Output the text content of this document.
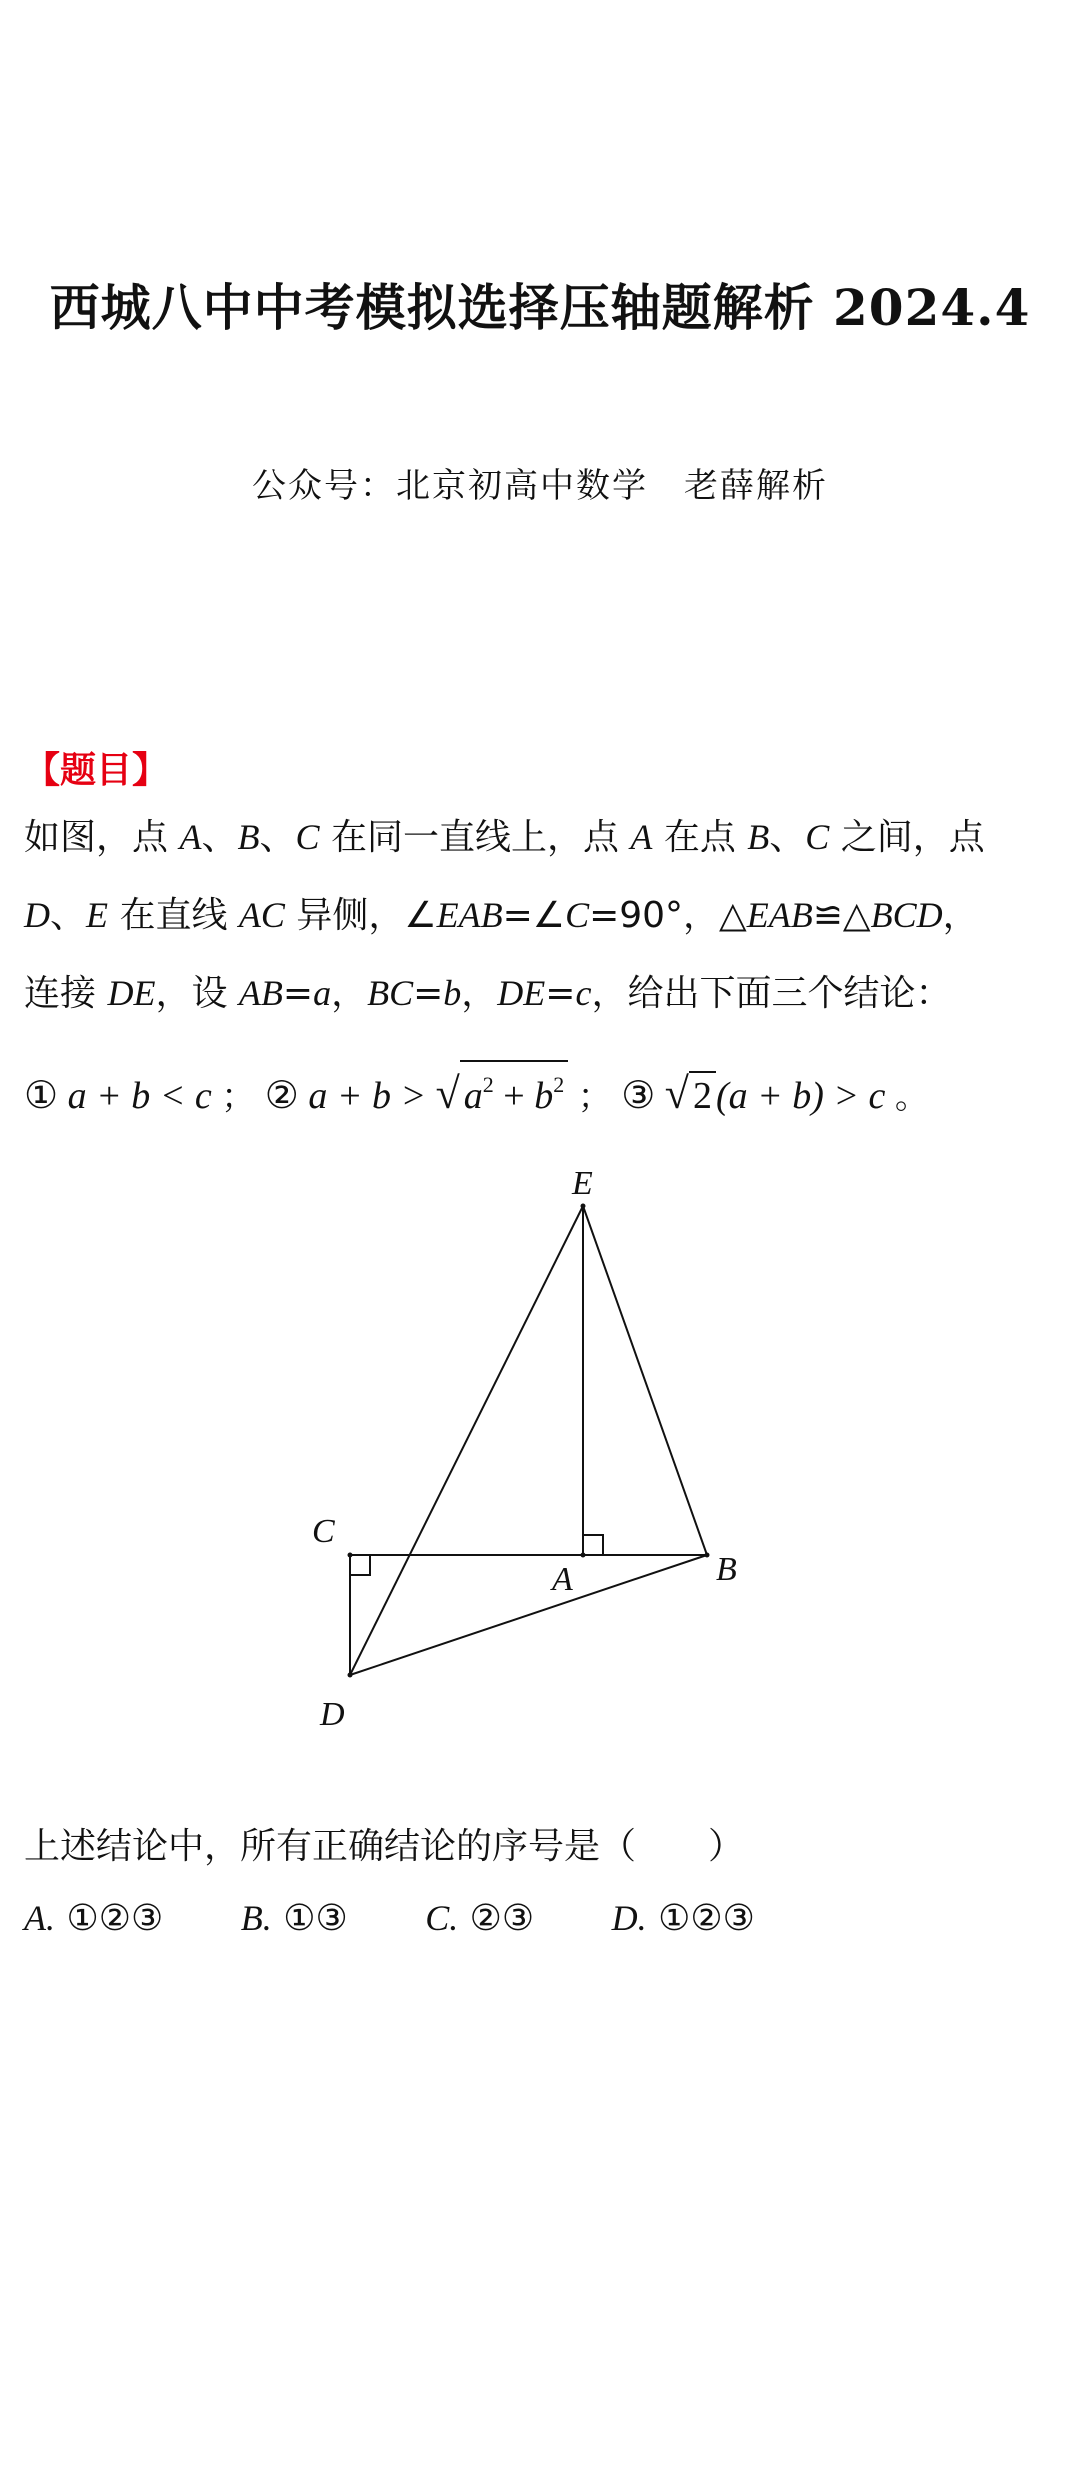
西城八中中考模拟选择压轴题解析 2024.4
公众号：北京初高中数学　老薛解析
【题目】
如图，点 A、B、C 在同一直线上，点 A 在点 B、C 之间，点
D、E 在直线 AC 异侧，∠EAB=∠C=90°，△EAB≌△BCD，
连接 DE，设 AB=a，BC=b，DE=c，给出下面三个结论：
① a + b < c ； ② a + b > √ $a^2 + b^2$ ； ③ √ 2 (a + b) > c 。
E
C
A	B
D
上述结论中，所有正确结论的序号是（　　）
A. ①②③ B. ①③ C. ②③ D. ①②③
